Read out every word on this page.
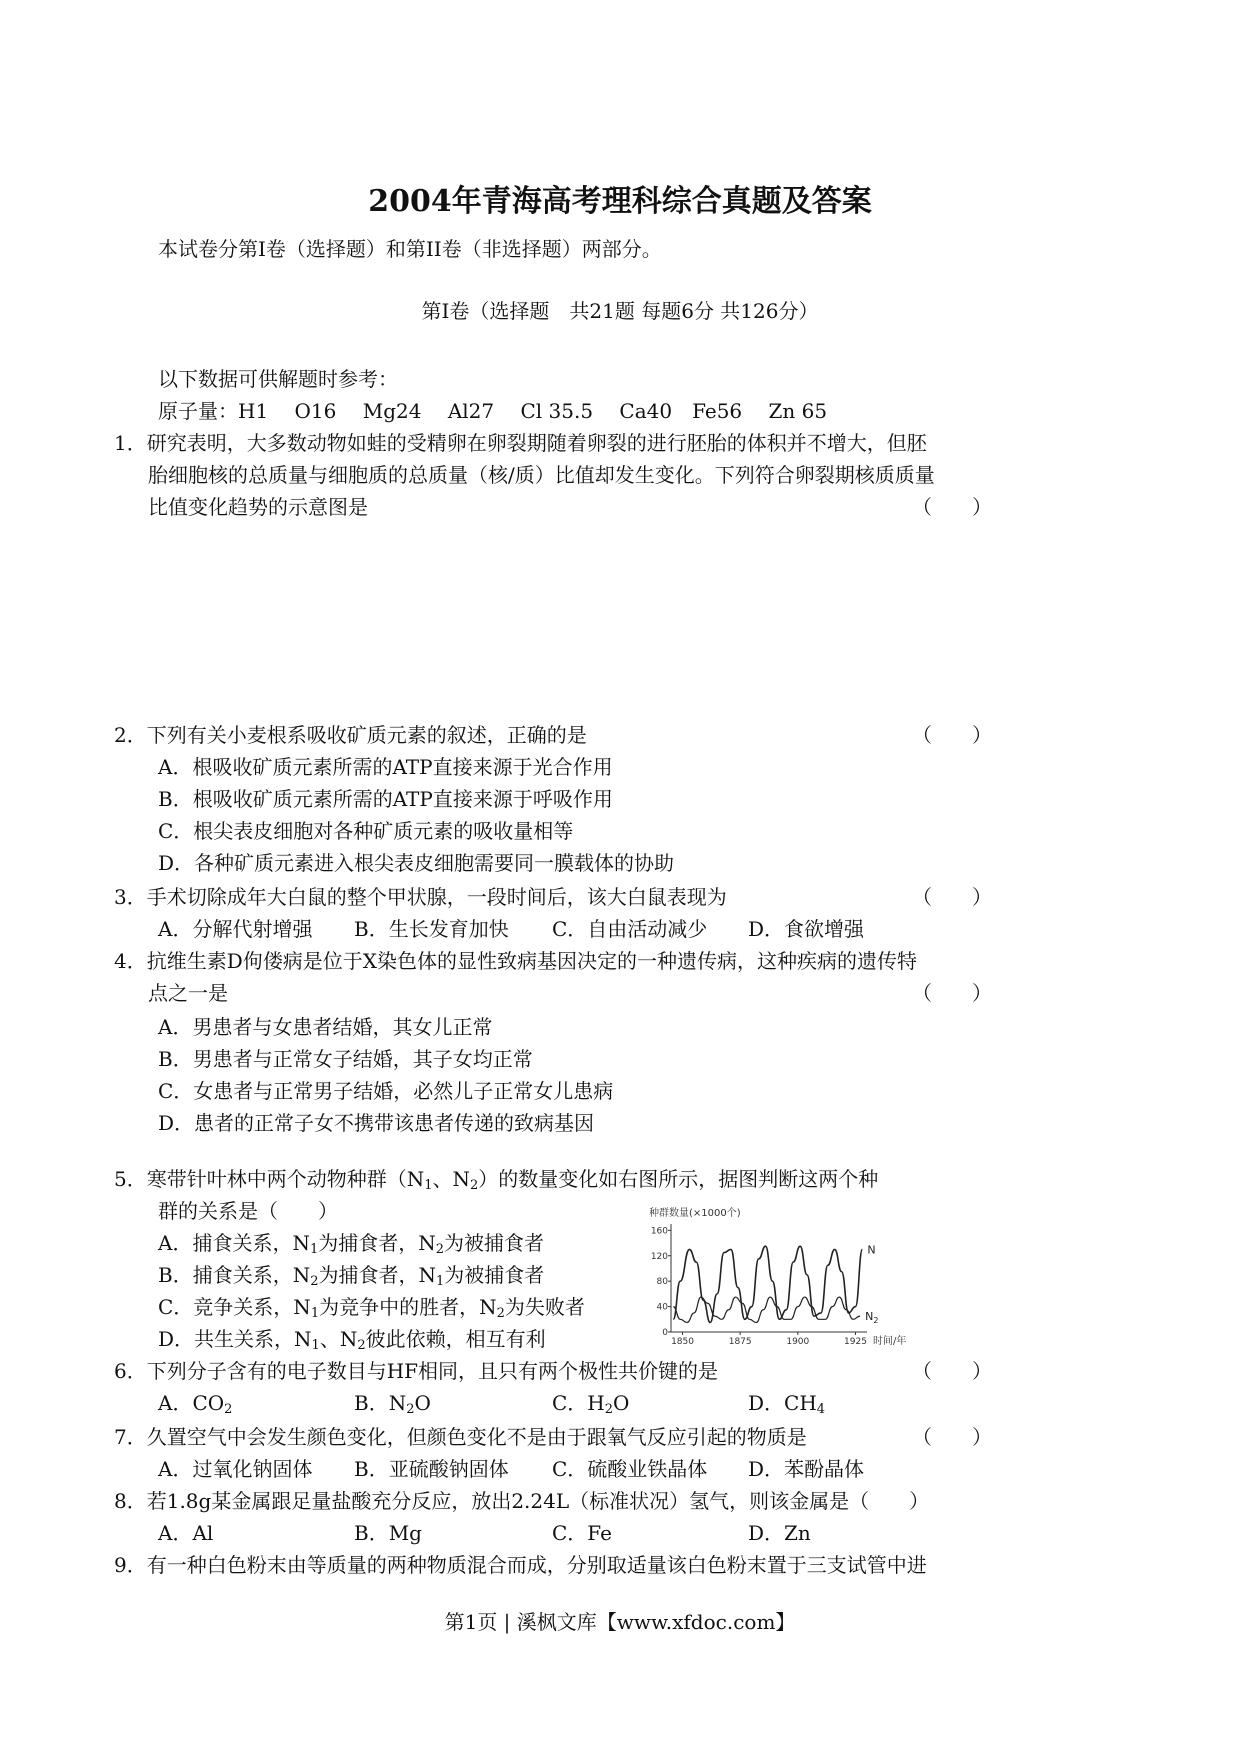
2004年青海高考理科综合真题及答案
本试卷分第I卷（选择题）和第II卷（非选择题）两部分。
第I卷（选择题　共21题 每题6分 共126分）
以下数据可供解题时参考：
原子量：H1　 O16　 Mg24　 Al27　 Cl 35.5　 Ca40　Fe56　 Zn 65
1．研究表明，大多数动物如蛙的受精卵在卵裂期随着卵裂的进行胚胎的体积并不增大，但胚
胎细胞核的总质量与细胞质的总质量（核/质）比值却发生变化。下列符合卵裂期核质质量
比值变化趋势的示意图是	（　　）
2．下列有关小麦根系吸收矿质元素的叙述，正确的是	（　　）
A．根吸收矿质元素所需的ATP直接来源于光合作用
B．根吸收矿质元素所需的ATP直接来源于呼吸作用
C．根尖表皮细胞对各种矿质元素的吸收量相等
D．各种矿质元素进入根尖表皮细胞需要同一膜载体的协助
3．手术切除成年大白鼠的整个甲状腺，一段时间后，该大白鼠表现为	（　　）
A．分解代射增强 B．生长发育加快 C．自由活动减少 D．食欲增强
4．抗维生素D佝偻病是位于X染色体的显性致病基因决定的一种遗传病，这种疾病的遗传特
点之一是	（　　）
A．男患者与女患者结婚，其女儿正常
B．男患者与正常女子结婚，其子女均正常
C．女患者与正常男子结婚，必然儿子正常女儿患病
D．患者的正常子女不携带该患者传递的致病基因
5．寒带针叶林中两个动物种群（$N_1$、$N_2$）的数量变化如右图所示，据图判断这两个种
群的关系是（　　）
A．捕食关系，$N_1$为捕食者，$N_2$为被捕食者
B．捕食关系，$N_2$为捕食者，$N_1$为被捕食者
C．竞争关系，$N_1$为竞争中的胜者，$N_2$为失败者
D．共生关系，$N_1$、$N_2$彼此依赖，相互有利
种群数量(×1000个)
时间/年
0
40
80
120
160
1850	1875	1900	1925
N
$N_2$
6．下列分子含有的电子数目与HF相同，且只有两个极性共价键的是	（　　）
A．$CO_2$	B．$N_2O$	C．$H_2O$	D．$CH_4$
7．久置空气中会发生颜色变化，但颜色变化不是由于跟氧气反应引起的物质是	（　　）
A．过氧化钠固体 B．亚硫酸钠固体 C．硫酸业铁晶体 D．苯酚晶体
8．若1.8g某金属跟足量盐酸充分反应，放出2.24L（标准状况）氢气，则该金属是（　　）
A．Al	B．Mg	C．Fe	D．Zn
9．有一种白色粉末由等质量的两种物质混合而成，分别取适量该白色粉末置于三支试管中进
第1页 | 溪枫文库【www.xfdoc.com】
